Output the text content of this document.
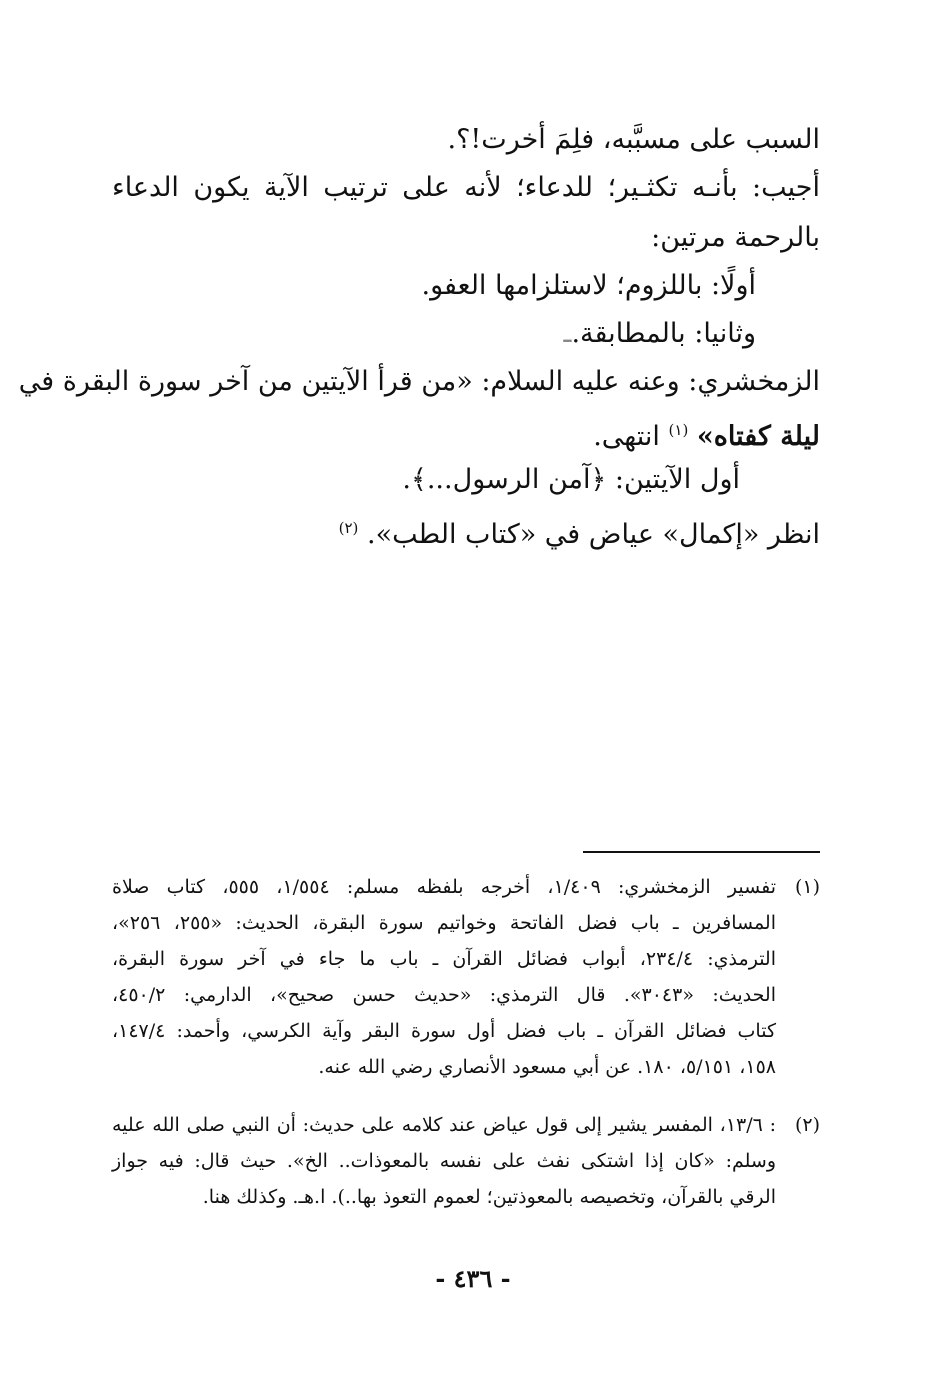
السبب على مسبَّبه، فلِمَ أخرت!؟.
أجيب: بأنـه تكثـير؛ للدعاء؛ لأنه على ترتيب الآية يكون الدعاء
بالرحمة مرتين:
أولًا: باللزوم؛ لاستلزامها العفو.
وثانيا: بالمطابقة.ـ
الزمخشري: وعنه عليه السلام: «من قرأ الآيتين من آخر سورة البقرة في
ليلة كفتاه» $^{(١)}$ انتهى.
أول الآيتين: ﴿آمن الرسول...﴾.
انظر «إكمال» عياض في «كتاب الطب». $^{(٢)}$
(١)
تفسير الزمخشري: ١/٤٠٩، أخرجه بلفظه مسلم: ١/٥٥٤، ٥٥٥، كتاب صلاة
المسافرين ـ باب فضل الفاتحة وخواتيم سورة البقرة، الحديث: «٢٥٥، ٢٥٦»،
الترمذي: ٢٣٤/٤، أبواب فضائل القرآن ـ باب ما جاء في آخر سورة البقرة،
الحديث: «٣٠٤٣». قال الترمذي: «حديث حسن صحيح»، الدارمي: ٤٥٠/٢،
كتاب فضائل القرآن ـ باب فضل أول سورة البقر وآية الكرسي، وأحمد: ١٤٧/٤،
١٥٨، ٥/١٥١، ١٨٠. عن أبي مسعود الأنصاري رضي الله عنه.
(٢)
: ١٣/٦، المفسر يشير إلى قول عياض عند كلامه على حديث: أن النبي صلى الله عليه
وسلم: «كان إذا اشتكى نفث على نفسه بالمعوذات.. الخ». حيث قال: فيه جواز
الرقي بالقرآن، وتخصيصه بالمعوذتين؛ لعموم التعوذ بها..). ا.هـ. وكذلك هنا.
- ٤٣٦ -
